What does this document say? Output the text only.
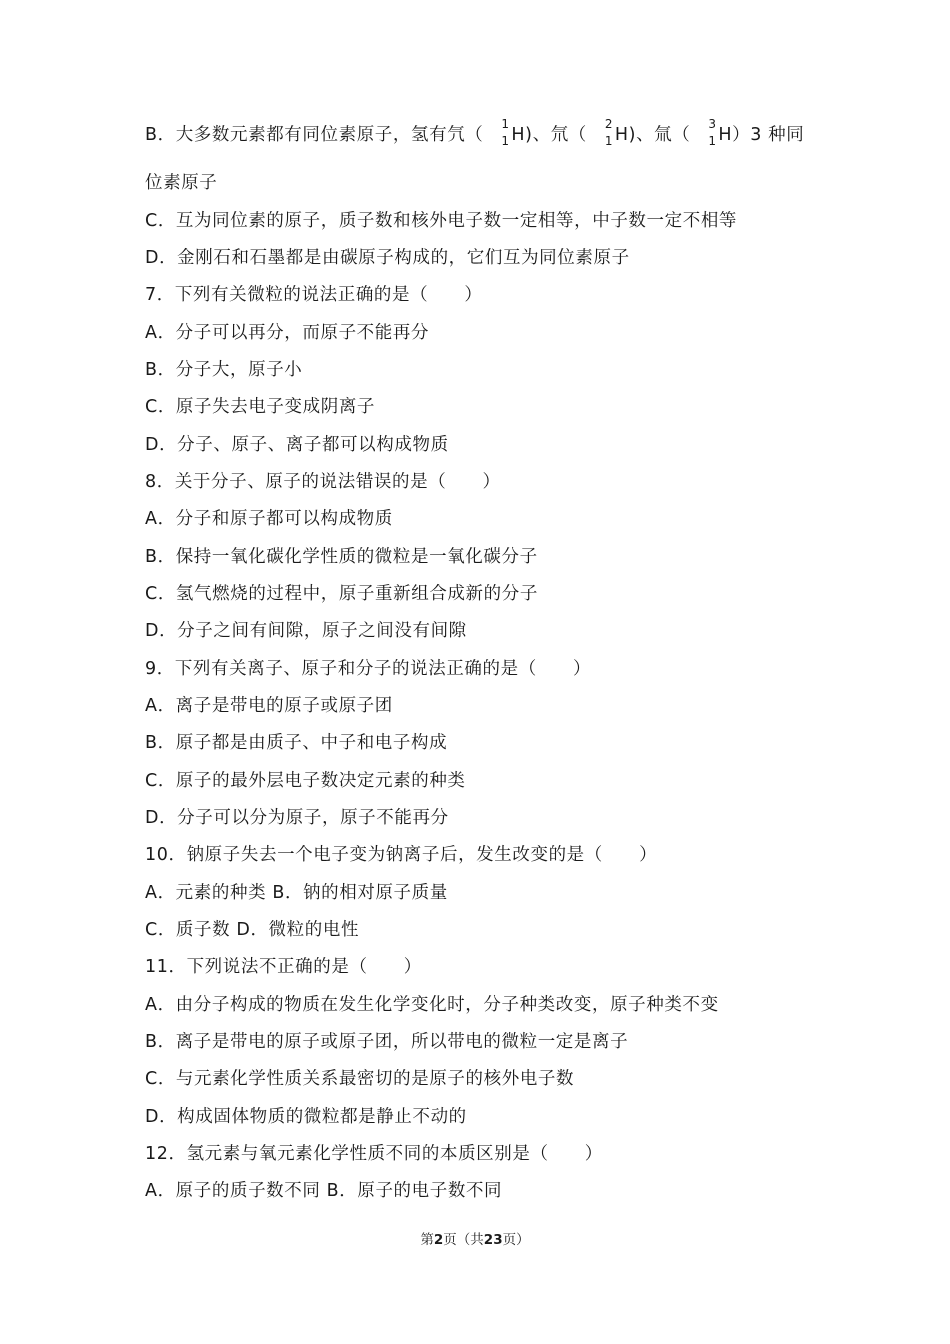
B．大多数元素都有同位素原子，氢有氕（
1
1 H)、氘（
2
1 H)、氚（
3
1 H）3 种同
位素原子
C．互为同位素的原子，质子数和核外电子数一定相等，中子数一定不相等
D．金刚石和石墨都是由碳原子构成的，它们互为同位素原子
7．下列有关微粒的说法正确的是（　　）
A．分子可以再分，而原子不能再分
B．分子大，原子小
C．原子失去电子变成阴离子
D．分子、原子、离子都可以构成物质
8．关于分子、原子的说法错误的是（　　）
A．分子和原子都可以构成物质
B．保持一氧化碳化学性质的微粒是一氧化碳分子
C．氢气燃烧的过程中，原子重新组合成新的分子
D．分子之间有间隙，原子之间没有间隙
9．下列有关离子、原子和分子的说法正确的是（　　）
A．离子是带电的原子或原子团
B．原子都是由质子、中子和电子构成
C．原子的最外层电子数决定元素的种类
D．分子可以分为原子，原子不能再分
10．钠原子失去一个电子变为钠离子后，发生改变的是（　　）
A．元素的种类 B．钠的相对原子质量
C．质子数 D．微粒的电性
11．下列说法不正确的是（　　）
A．由分子构成的物质在发生化学变化时，分子种类改变，原子种类不变
B．离子是带电的原子或原子团，所以带电的微粒一定是离子
C．与元素化学性质关系最密切的是原子的核外电子数
D．构成固体物质的微粒都是静止不动的
12．氢元素与氧元素化学性质不同的本质区别是（　　）
A．原子的质子数不同 B．原子的电子数不同
第2页（共23页）
